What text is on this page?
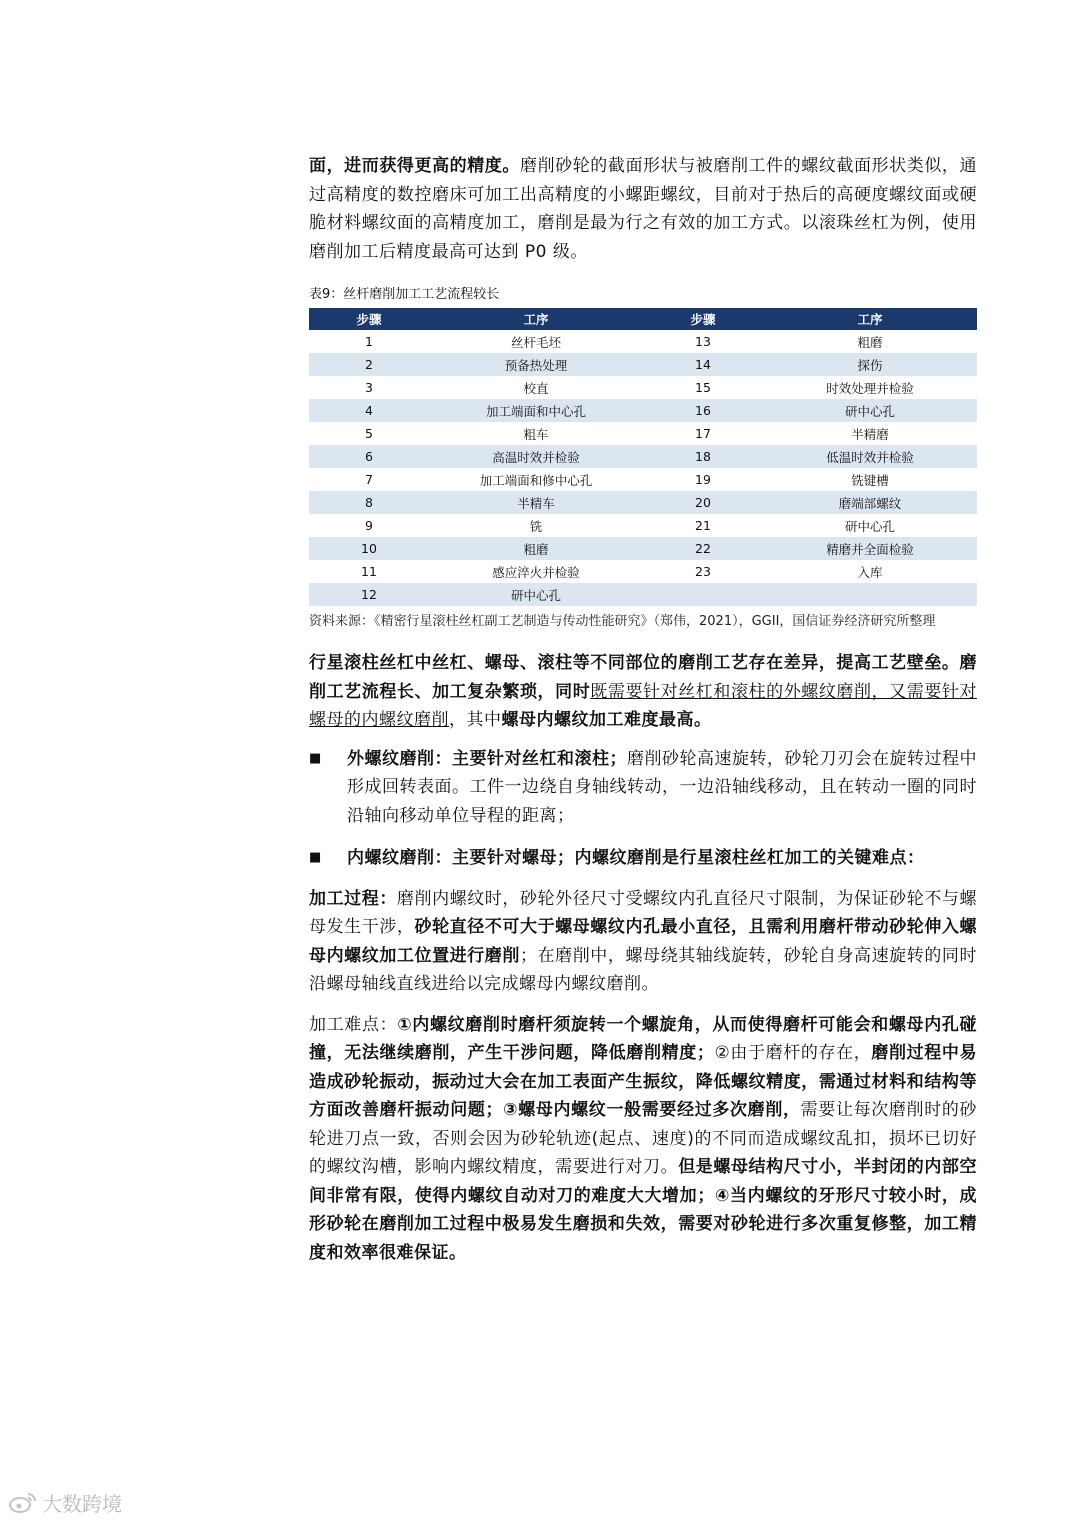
面，进而获得更高的精度。磨削砂轮的截面形状与被磨削工件的螺纹截面形状类似，通过高精度的数控磨床可加工出高精度的小螺距螺纹，目前对于热后的高硬度螺纹面或硬脆材料螺纹面的高精度加工，磨削是最为行之有效的加工方式。以滚珠丝杠为例，使用磨削加工后精度最高可达到 P0 级。

表9：丝杆磨削加工工艺流程较长

步骤	工序	步骤	工序
1	丝杆毛坯	13	粗磨
2	预备热处理	14	探伤
3	校直	15	时效处理并检验
4	加工端面和中心孔	16	研中心孔
5	粗车	17	半精磨
6	高温时效并检验	18	低温时效并检验
7	加工端面和修中心孔	19	铣键槽
8	半精车	20	磨端部螺纹
9	铣	21	研中心孔
10	粗磨	22	精磨并全面检验
11	感应淬火并检验	23	入库
12	研中心孔		

资料来源：《精密行星滚柱丝杠副工艺制造与传动性能研究》（郑伟，2021），GGII，国信证券经济研究所整理

行星滚柱丝杠中丝杠、螺母、滚柱等不同部位的磨削工艺存在差异，提高工艺壁垒。磨削工艺流程长、加工复杂繁琐，同时既需要针对丝杠和滚柱的外螺纹磨削，又需要针对螺母的内螺纹磨削，其中螺母内螺纹加工难度最高。

■	外螺纹磨削：主要针对丝杠和滚柱；磨削砂轮高速旋转，砂轮刀刃会在旋转过程中形成回转表面。工件一边绕自身轴线转动，一边沿轴线移动，且在转动一圈的同时沿轴向移动单位导程的距离；

■	内螺纹磨削：主要针对螺母；内螺纹磨削是行星滚柱丝杠加工的关键难点：

加工过程：磨削内螺纹时，砂轮外径尺寸受螺纹内孔直径尺寸限制，为保证砂轮不与螺母发生干涉，砂轮直径不可大于螺母螺纹内孔最小直径，且需利用磨杆带动砂轮伸入螺母内螺纹加工位置进行磨削；在磨削中，螺母绕其轴线旋转，砂轮自身高速旋转的同时沿螺母轴线直线进给以完成螺母内螺纹磨削。

加工难点：①内螺纹磨削时磨杆须旋转一个螺旋角，从而使得磨杆可能会和螺母内孔碰撞，无法继续磨削，产生干涉问题，降低磨削精度；②由于磨杆的存在，磨削过程中易造成砂轮振动，振动过大会在加工表面产生振纹，降低螺纹精度，需通过材料和结构等方面改善磨杆振动问题；③螺母内螺纹一般需要经过多次磨削，需要让每次磨削时的砂轮进刀点一致，否则会因为砂轮轨迹(起点、速度)的不同而造成螺纹乱扣，损坏已切好的螺纹沟槽，影响内螺纹精度，需要进行对刀。但是螺母结构尺寸小，半封闭的内部空间非常有限，使得内螺纹自动对刀的难度大大增加；④当内螺纹的牙形尺寸较小时，成形砂轮在磨削加工过程中极易发生磨损和失效，需要对砂轮进行多次重复修整，加工精度和效率很难保证。

大数跨境
